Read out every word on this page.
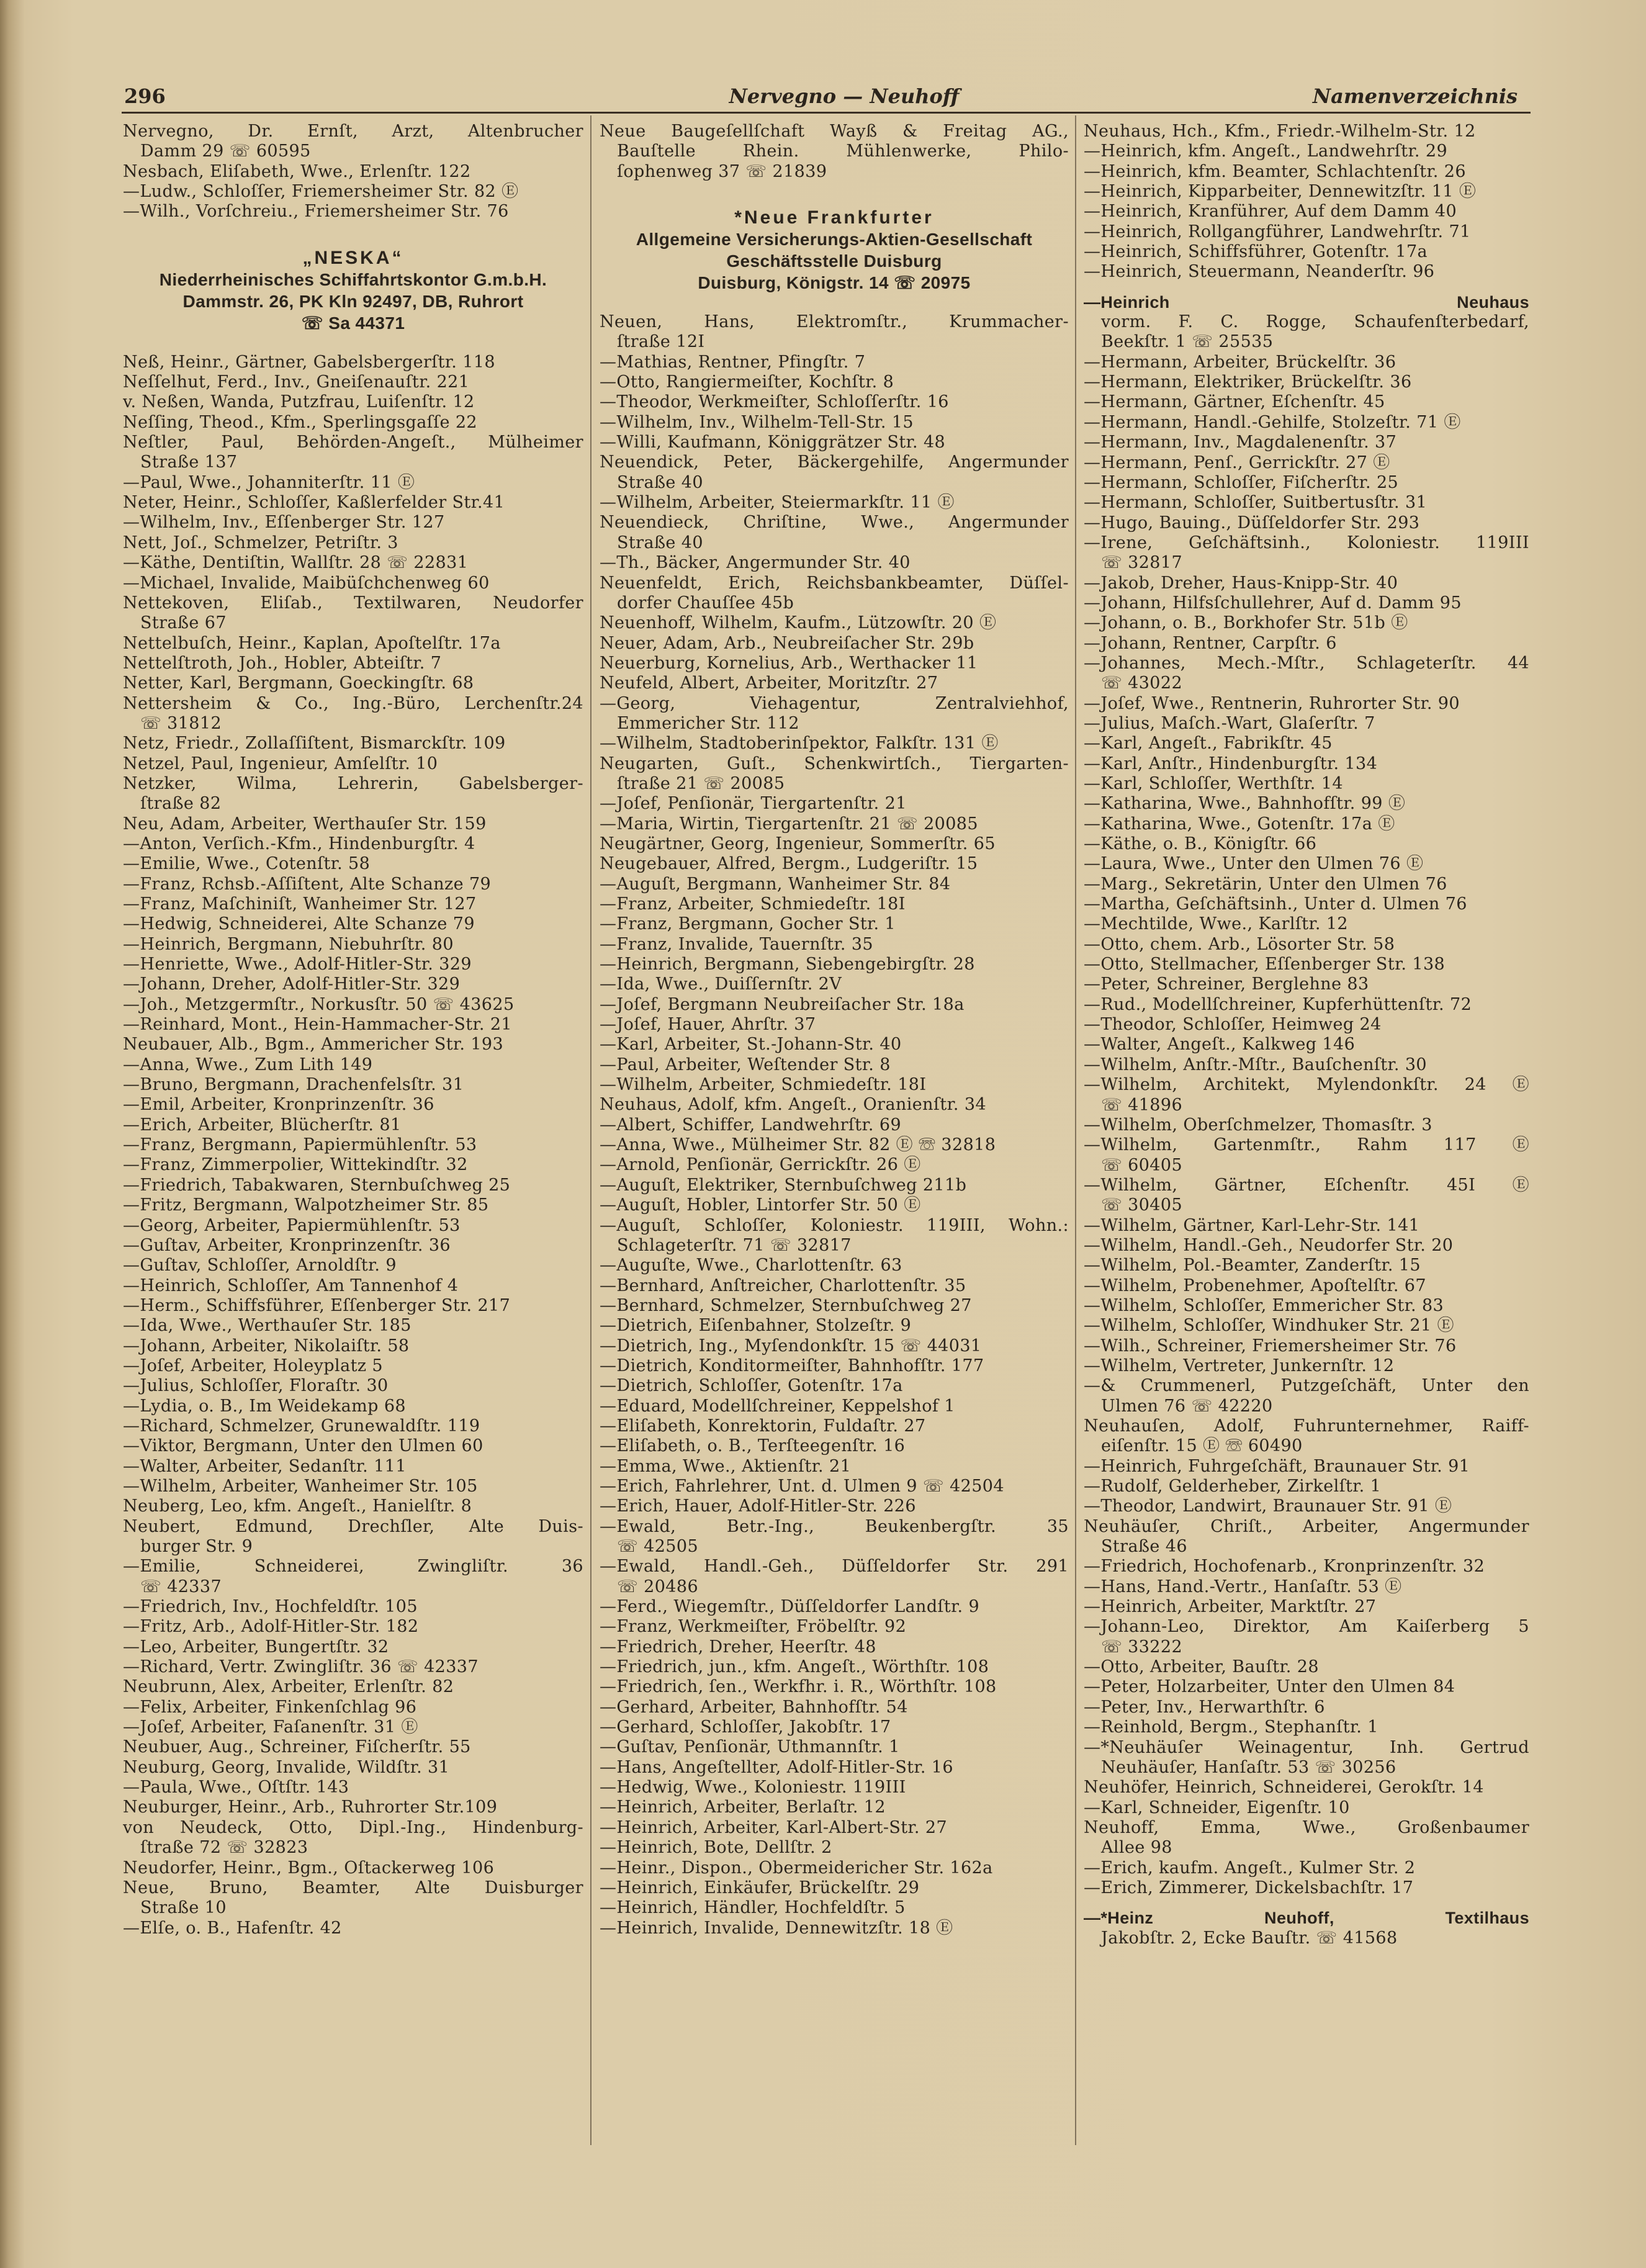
296	Nervegno — Neuhoff	Namenverzeichnis
Nervegno, Dr. Ernſt, Arzt, Altenbrucher
Damm 29 ☏ 60595
Nesbach, Eliſabeth, Wwe., Erlenſtr. 122
—Ludw., Schloſſer, Friemersheimer Str. 82 Ⓔ
—Wilh., Vorſchreiu., Friemersheimer Str. 76
„NESKA“
Niederrheinisches Schiffahrtskontor G.m.b.H.
Dammstr. 26, PK Kln 92497, DB, Ruhrort
☏ Sa 44371
Neß, Heinr., Gärtner, Gabelsbergerſtr. 118
Neſſelhut, Ferd., Inv., Gneiſenauſtr. 221
v. Neßen, Wanda, Putzfrau, Luiſenſtr. 12
Neſſing, Theod., Kfm., Sperlingsgaſſe 22
Neſtler, Paul, Behörden-Angeſt., Mülheimer
Straße 137
—Paul, Wwe., Johanniterſtr. 11 Ⓔ
Neter, Heinr., Schloſſer, Kaßlerfelder Str.41
—Wilhelm, Inv., Eſſenberger Str. 127
Nett, Joſ., Schmelzer, Petriſtr. 3
—Käthe, Dentiſtin, Wallſtr. 28 ☏ 22831
—Michael, Invalide, Maibüſchchenweg 60
Nettekoven, Eliſab., Textilwaren, Neudorfer
Straße 67
Nettelbuſch, Heinr., Kaplan, Apoſtelſtr. 17a
Nettelſtroth, Joh., Hobler, Abteiſtr. 7
Netter, Karl, Bergmann, Goeckingſtr. 68
Nettersheim & Co., Ing.-Büro, Lerchenſtr.24
☏ 31812
Netz, Friedr., Zollaſſiſtent, Bismarckſtr. 109
Netzel, Paul, Ingenieur, Amſelſtr. 10
Netzker, Wilma, Lehrerin, Gabelsberger-
ſtraße 82
Neu, Adam, Arbeiter, Werthauſer Str. 159
—Anton, Verſich.-Kfm., Hindenburgſtr. 4
—Emilie, Wwe., Cotenſtr. 58
—Franz, Rchsb.-Aſſiſtent, Alte Schanze 79
—Franz, Maſchiniſt, Wanheimer Str. 127
—Hedwig, Schneiderei, Alte Schanze 79
—Heinrich, Bergmann, Niebuhrſtr. 80
—Henriette, Wwe., Adolf-Hitler-Str. 329
—Johann, Dreher, Adolf-Hitler-Str. 329
—Joh., Metzgermſtr., Norkusſtr. 50 ☏ 43625
—Reinhard, Mont., Hein-Hammacher-Str. 21
Neubauer, Alb., Bgm., Ammericher Str. 193
—Anna, Wwe., Zum Lith 149
—Bruno, Bergmann, Drachenfelsſtr. 31
—Emil, Arbeiter, Kronprinzenſtr. 36
—Erich, Arbeiter, Blücherſtr. 81
—Franz, Bergmann, Papiermühlenſtr. 53
—Franz, Zimmerpolier, Wittekindſtr. 32
—Friedrich, Tabakwaren, Sternbuſchweg 25
—Fritz, Bergmann, Walpotzheimer Str. 85
—Georg, Arbeiter, Papiermühlenſtr. 53
—Guſtav, Arbeiter, Kronprinzenſtr. 36
—Guſtav, Schloſſer, Arnoldſtr. 9
—Heinrich, Schloſſer, Am Tannenhof 4
—Herm., Schiffsführer, Eſſenberger Str. 217
—Ida, Wwe., Werthauſer Str. 185
—Johann, Arbeiter, Nikolaiſtr. 58
—Joſef, Arbeiter, Holeyplatz 5
—Julius, Schloſſer, Floraſtr. 30
—Lydia, o. B., Im Weidekamp 68
—Richard, Schmelzer, Grunewaldſtr. 119
—Viktor, Bergmann, Unter den Ulmen 60
—Walter, Arbeiter, Sedanſtr. 111
—Wilhelm, Arbeiter, Wanheimer Str. 105
Neuberg, Leo, kfm. Angeſt., Hanielſtr. 8
Neubert, Edmund, Drechſler, Alte Duis-
burger Str. 9
—Emilie, Schneiderei, Zwingliſtr. 36
☏ 42337
—Friedrich, Inv., Hochfeldſtr. 105
—Fritz, Arb., Adolf-Hitler-Str. 182
—Leo, Arbeiter, Bungertſtr. 32
—Richard, Vertr. Zwingliſtr. 36 ☏ 42337
Neubrunn, Alex, Arbeiter, Erlenſtr. 82
—Felix, Arbeiter, Finkenſchlag 96
—Joſef, Arbeiter, Faſanenſtr. 31 Ⓔ
Neubuer, Aug., Schreiner, Fiſcherſtr. 55
Neuburg, Georg, Invalide, Wildſtr. 31
—Paula, Wwe., Oſtſtr. 143
Neuburger, Heinr., Arb., Ruhrorter Str.109
von Neudeck, Otto, Dipl.-Ing., Hindenburg-
ſtraße 72 ☏ 32823
Neudorfer, Heinr., Bgm., Oſtackerweg 106
Neue, Bruno, Beamter, Alte Duisburger
Straße 10
—Elſe, o. B., Hafenſtr. 42
Neue Baugeſellſchaft Wayß & Freitag AG.,
Bauſtelle Rhein. Mühlenwerke, Philo-
ſophenweg 37 ☏ 21839
*Neue Frankfurter
Allgemeine Versicherungs-Aktien-Gesellschaft
Geschäftsstelle Duisburg
Duisburg, Königstr. 14 ☏ 20975
Neuen, Hans, Elektromſtr., Krummacher-
ſtraße 12I
—Mathias, Rentner, Pfingſtr. 7
—Otto, Rangiermeiſter, Kochſtr. 8
—Theodor, Werkmeiſter, Schloſſerſtr. 16
—Wilhelm, Inv., Wilhelm-Tell-Str. 15
—Willi, Kaufmann, Königgrätzer Str. 48
Neuendick, Peter, Bäckergehilfe, Angermunder
Straße 40
—Wilhelm, Arbeiter, Steiermarkſtr. 11 Ⓔ
Neuendieck, Chriſtine, Wwe., Angermunder
Straße 40
—Th., Bäcker, Angermunder Str. 40
Neuenfeldt, Erich, Reichsbankbeamter, Düſſel-
dorfer Chauſſee 45b
Neuenhoff, Wilhelm, Kaufm., Lützowſtr. 20 Ⓔ
Neuer, Adam, Arb., Neubreiſacher Str. 29b
Neuerburg, Kornelius, Arb., Werthacker 11
Neufeld, Albert, Arbeiter, Moritzſtr. 27
—Georg, Viehagentur, Zentralviehhof,
Emmericher Str. 112
—Wilhelm, Stadtoberinſpektor, Falkſtr. 131 Ⓔ
Neugarten, Guſt., Schenkwirtſch., Tiergarten-
ſtraße 21 ☏ 20085
—Joſef, Penſionär, Tiergartenſtr. 21
—Maria, Wirtin, Tiergartenſtr. 21 ☏ 20085
Neugärtner, Georg, Ingenieur, Sommerſtr. 65
Neugebauer, Alfred, Bergm., Ludgeriſtr. 15
—Auguſt, Bergmann, Wanheimer Str. 84
—Franz, Arbeiter, Schmiedeſtr. 18I
—Franz, Bergmann, Gocher Str. 1
—Franz, Invalide, Tauernſtr. 35
—Heinrich, Bergmann, Siebengebirgſtr. 28
—Ida, Wwe., Duiſſernſtr. 2V
—Joſef, Bergmann Neubreiſacher Str. 18a
—Joſef, Hauer, Ahrſtr. 37
—Karl, Arbeiter, St.-Johann-Str. 40
—Paul, Arbeiter, Weſtender Str. 8
—Wilhelm, Arbeiter, Schmiedeſtr. 18I
Neuhaus, Adolf, kfm. Angeſt., Oranienſtr. 34
—Albert, Schiffer, Landwehrſtr. 69
—Anna, Wwe., Mülheimer Str. 82 Ⓔ ☏ 32818
—Arnold, Penſionär, Gerrickſtr. 26 Ⓔ
—Auguſt, Elektriker, Sternbuſchweg 211b
—Auguſt, Hobler, Lintorfer Str. 50 Ⓔ
—Auguſt, Schloſſer, Koloniestr. 119III, Wohn.:
Schlageterſtr. 71 ☏ 32817
—Auguſte, Wwe., Charlottenſtr. 63
—Bernhard, Anſtreicher, Charlottenſtr. 35
—Bernhard, Schmelzer, Sternbuſchweg 27
—Dietrich, Eiſenbahner, Stolzeſtr. 9
—Dietrich, Ing., Myſendonkſtr. 15 ☏ 44031
—Dietrich, Konditormeiſter, Bahnhofſtr. 177
—Dietrich, Schloſſer, Gotenſtr. 17a
—Eduard, Modellſchreiner, Keppelshof 1
—Eliſabeth, Konrektorin, Fuldaſtr. 27
—Eliſabeth, o. B., Terſteegenſtr. 16
—Emma, Wwe., Aktienſtr. 21
—Erich, Fahrlehrer, Unt. d. Ulmen 9 ☏ 42504
—Erich, Hauer, Adolf-Hitler-Str. 226
—Ewald, Betr.-Ing., Beukenbergſtr. 35
☏ 42505
—Ewald, Handl.-Geh., Düſſeldorfer Str. 291
☏ 20486
—Ferd., Wiegemſtr., Düſſeldorfer Landſtr. 9
—Franz, Werkmeiſter, Fröbelſtr. 92
—Friedrich, Dreher, Heerſtr. 48
—Friedrich, jun., kfm. Angeſt., Wörthſtr. 108
—Friedrich, ſen., Werkfhr. i. R., Wörthſtr. 108
—Gerhard, Arbeiter, Bahnhofſtr. 54
—Gerhard, Schloſſer, Jakobſtr. 17
—Guſtav, Penſionär, Uthmannſtr. 1
—Hans, Angeſtellter, Adolf-Hitler-Str. 16
—Hedwig, Wwe., Koloniestr. 119III
—Heinrich, Arbeiter, Berlaſtr. 12
—Heinrich, Arbeiter, Karl-Albert-Str. 27
—Heinrich, Bote, Dellſtr. 2
—Heinr., Dispon., Obermeidericher Str. 162a
—Heinrich, Einkäufer, Brückelſtr. 29
—Heinrich, Händler, Hochfeldſtr. 5
—Heinrich, Invalide, Dennewitzſtr. 18 Ⓔ
Neuhaus, Hch., Kfm., Friedr.-Wilhelm-Str. 12
—Heinrich, kfm. Angeſt., Landwehrſtr. 29
—Heinrich, kfm. Beamter, Schlachtenſtr. 26
—Heinrich, Kipparbeiter, Dennewitzſtr. 11 Ⓔ
—Heinrich, Kranführer, Auf dem Damm 40
—Heinrich, Rollgangführer, Landwehrſtr. 71
—Heinrich, Schiffsführer, Gotenſtr. 17a
—Heinrich, Steuermann, Neanderſtr. 96
—Heinrich Neuhaus
vorm. F. C. Rogge, Schaufenſterbedarf,
Beekſtr. 1 ☏ 25535
—Hermann, Arbeiter, Brückelſtr. 36
—Hermann, Elektriker, Brückelſtr. 36
—Hermann, Gärtner, Eſchenſtr. 45
—Hermann, Handl.-Gehilfe, Stolzeſtr. 71 Ⓔ
—Hermann, Inv., Magdalenenſtr. 37
—Hermann, Penſ., Gerrickſtr. 27 Ⓔ
—Hermann, Schloſſer, Fiſcherſtr. 25
—Hermann, Schloſſer, Suitbertusſtr. 31
—Hugo, Bauing., Düſſeldorfer Str. 293
—Irene, Geſchäftsinh., Koloniestr. 119III
☏ 32817
—Jakob, Dreher, Haus-Knipp-Str. 40
—Johann, Hilfsſchullehrer, Auf d. Damm 95
—Johann, o. B., Borkhofer Str. 51b Ⓔ
—Johann, Rentner, Carpſtr. 6
—Johannes, Mech.-Mſtr., Schlageterſtr. 44
☏ 43022
—Joſef, Wwe., Rentnerin, Ruhrorter Str. 90
—Julius, Maſch.-Wart, Glaſerſtr. 7
—Karl, Angeſt., Fabrikſtr. 45
—Karl, Anſtr., Hindenburgſtr. 134
—Karl, Schloſſer, Werthſtr. 14
—Katharina, Wwe., Bahnhofſtr. 99 Ⓔ
—Katharina, Wwe., Gotenſtr. 17a Ⓔ
—Käthe, o. B., Königſtr. 66
—Laura, Wwe., Unter den Ulmen 76 Ⓔ
—Marg., Sekretärin, Unter den Ulmen 76
—Martha, Geſchäftsinh., Unter d. Ulmen 76
—Mechtilde, Wwe., Karlſtr. 12
—Otto, chem. Arb., Lösorter Str. 58
—Otto, Stellmacher, Eſſenberger Str. 138
—Peter, Schreiner, Berglehne 83
—Rud., Modellſchreiner, Kupferhüttenſtr. 72
—Theodor, Schloſſer, Heimweg 24
—Walter, Angeſt., Kalkweg 146
—Wilhelm, Anſtr.-Mſtr., Bauſchenſtr. 30
—Wilhelm, Architekt, Mylendonkſtr. 24 Ⓔ
☏ 41896
—Wilhelm, Oberſchmelzer, Thomasſtr. 3
—Wilhelm, Gartenmſtr., Rahm 117 Ⓔ
☏ 60405
—Wilhelm, Gärtner, Eſchenſtr. 45I Ⓔ
☏ 30405
—Wilhelm, Gärtner, Karl-Lehr-Str. 141
—Wilhelm, Handl.-Geh., Neudorfer Str. 20
—Wilhelm, Pol.-Beamter, Zanderſtr. 15
—Wilhelm, Probenehmer, Apoſtelſtr. 67
—Wilhelm, Schloſſer, Emmericher Str. 83
—Wilhelm, Schloſſer, Windhuker Str. 21 Ⓔ
—Wilh., Schreiner, Friemersheimer Str. 76
—Wilhelm, Vertreter, Junkernſtr. 12
—& Crummenerl, Putzgeſchäft, Unter den
Ulmen 76 ☏ 42220
Neuhauſen, Adolf, Fuhrunternehmer, Raiff-
eiſenſtr. 15 Ⓔ ☏ 60490
—Heinrich, Fuhrgeſchäft, Braunauer Str. 91
—Rudolf, Gelderheber, Zirkelſtr. 1
—Theodor, Landwirt, Braunauer Str. 91 Ⓔ
Neuhäuſer, Chriſt., Arbeiter, Angermunder
Straße 46
—Friedrich, Hochofenarb., Kronprinzenſtr. 32
—Hans, Hand.-Vertr., Hanſaſtr. 53 Ⓔ
—Heinrich, Arbeiter, Marktſtr. 27
—Johann-Leo, Direktor, Am Kaiſerberg 5
☏ 33222
—Otto, Arbeiter, Bauſtr. 28
—Peter, Holzarbeiter, Unter den Ulmen 84
—Peter, Inv., Herwarthſtr. 6
—Reinhold, Bergm., Stephanſtr. 1
—*Neuhäuſer Weinagentur, Inh. Gertrud
Neuhäuſer, Hanſaſtr. 53 ☏ 30256
Neuhöfer, Heinrich, Schneiderei, Gerokſtr. 14
—Karl, Schneider, Eigenſtr. 10
Neuhoff, Emma, Wwe., Großenbaumer
Allee 98
—Erich, kaufm. Angeſt., Kulmer Str. 2
—Erich, Zimmerer, Dickelsbachſtr. 17
—*Heinz Neuhoff, Textilhaus
Jakobſtr. 2, Ecke Bauſtr. ☏ 41568
